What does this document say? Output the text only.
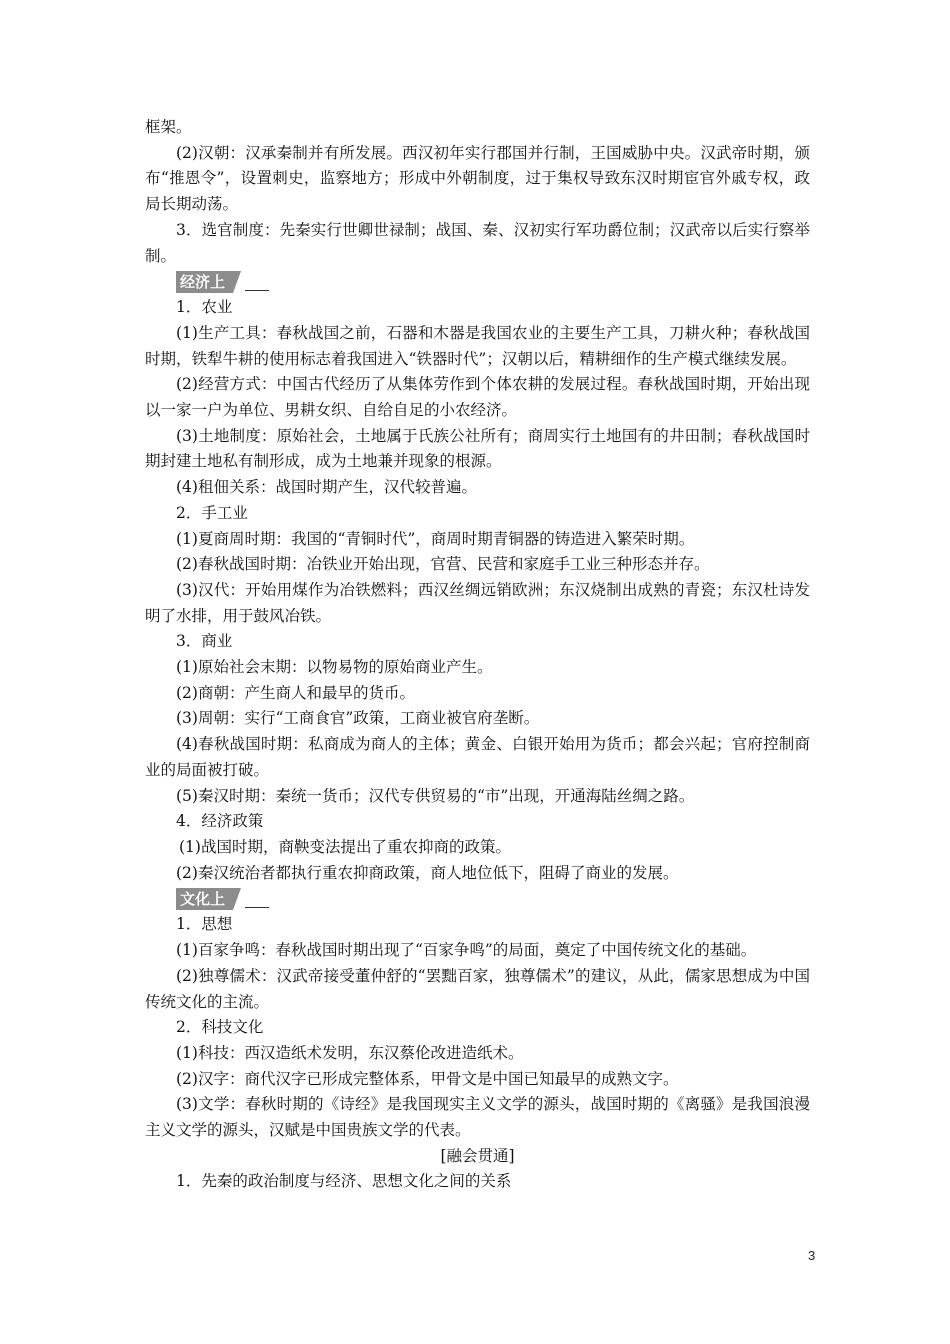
框架。

(2)汉朝：汉承秦制并有所发展。西汉初年实行郡国并行制，王国威胁中央。汉武帝时期，颁布“推恩令”，设置刺史，监察地方；形成中外朝制度，过于集权导致东汉时期宦官外戚专权，政局长期动荡。

3．选官制度：先秦实行世卿世禄制；战国、秦、汉初实行军功爵位制；汉武帝以后实行察举制。

经济上

1．农业

(1)生产工具：春秋战国之前，石器和木器是我国农业的主要生产工具，刀耕火种；春秋战国时期，铁犁牛耕的使用标志着我国进入“铁器时代”；汉朝以后，精耕细作的生产模式继续发展。

(2)经营方式：中国古代经历了从集体劳作到个体农耕的发展过程。春秋战国时期，开始出现以一家一户为单位、男耕女织、自给自足的小农经济。

(3)土地制度：原始社会，土地属于氏族公社所有；商周实行土地国有的井田制；春秋战国时期封建土地私有制形成，成为土地兼并现象的根源。

(4)租佃关系：战国时期产生，汉代较普遍。

2．手工业

(1)夏商周时期：我国的“青铜时代”，商周时期青铜器的铸造进入繁荣时期。

(2)春秋战国时期：冶铁业开始出现，官营、民营和家庭手工业三种形态并存。

(3)汉代：开始用煤作为冶铁燃料；西汉丝绸远销欧洲；东汉烧制出成熟的青瓷；东汉杜诗发明了水排，用于鼓风冶铁。

3．商业

(1)原始社会末期：以物易物的原始商业产生。

(2)商朝：产生商人和最早的货币。

(3)周朝：实行“工商食官”政策，工商业被官府垄断。

(4)春秋战国时期：私商成为商人的主体；黄金、白银开始用为货币；都会兴起；官府控制商业的局面被打破。

(5)秦汉时期：秦统一货币；汉代专供贸易的“市”出现，开通海陆丝绸之路。

4．经济政策

(1)战国时期，商鞅变法提出了重农抑商的政策。

(2)秦汉统治者都执行重农抑商政策，商人地位低下，阻碍了商业的发展。

文化上

1．思想

(1)百家争鸣：春秋战国时期出现了“百家争鸣”的局面，奠定了中国传统文化的基础。

(2)独尊儒术：汉武帝接受董仲舒的“罢黜百家，独尊儒术”的建议，从此，儒家思想成为中国传统文化的主流。

2．科技文化

(1)科技：西汉造纸术发明，东汉蔡伦改进造纸术。

(2)汉字：商代汉字已形成完整体系，甲骨文是中国已知最早的成熟文字。

(3)文学：春秋时期的《诗经》是我国现实主义文学的源头，战国时期的《离骚》是我国浪漫主义文学的源头，汉赋是中国贵族文学的代表。

[融会贯通]

1．先秦的政治制度与经济、思想文化之间的关系

3
